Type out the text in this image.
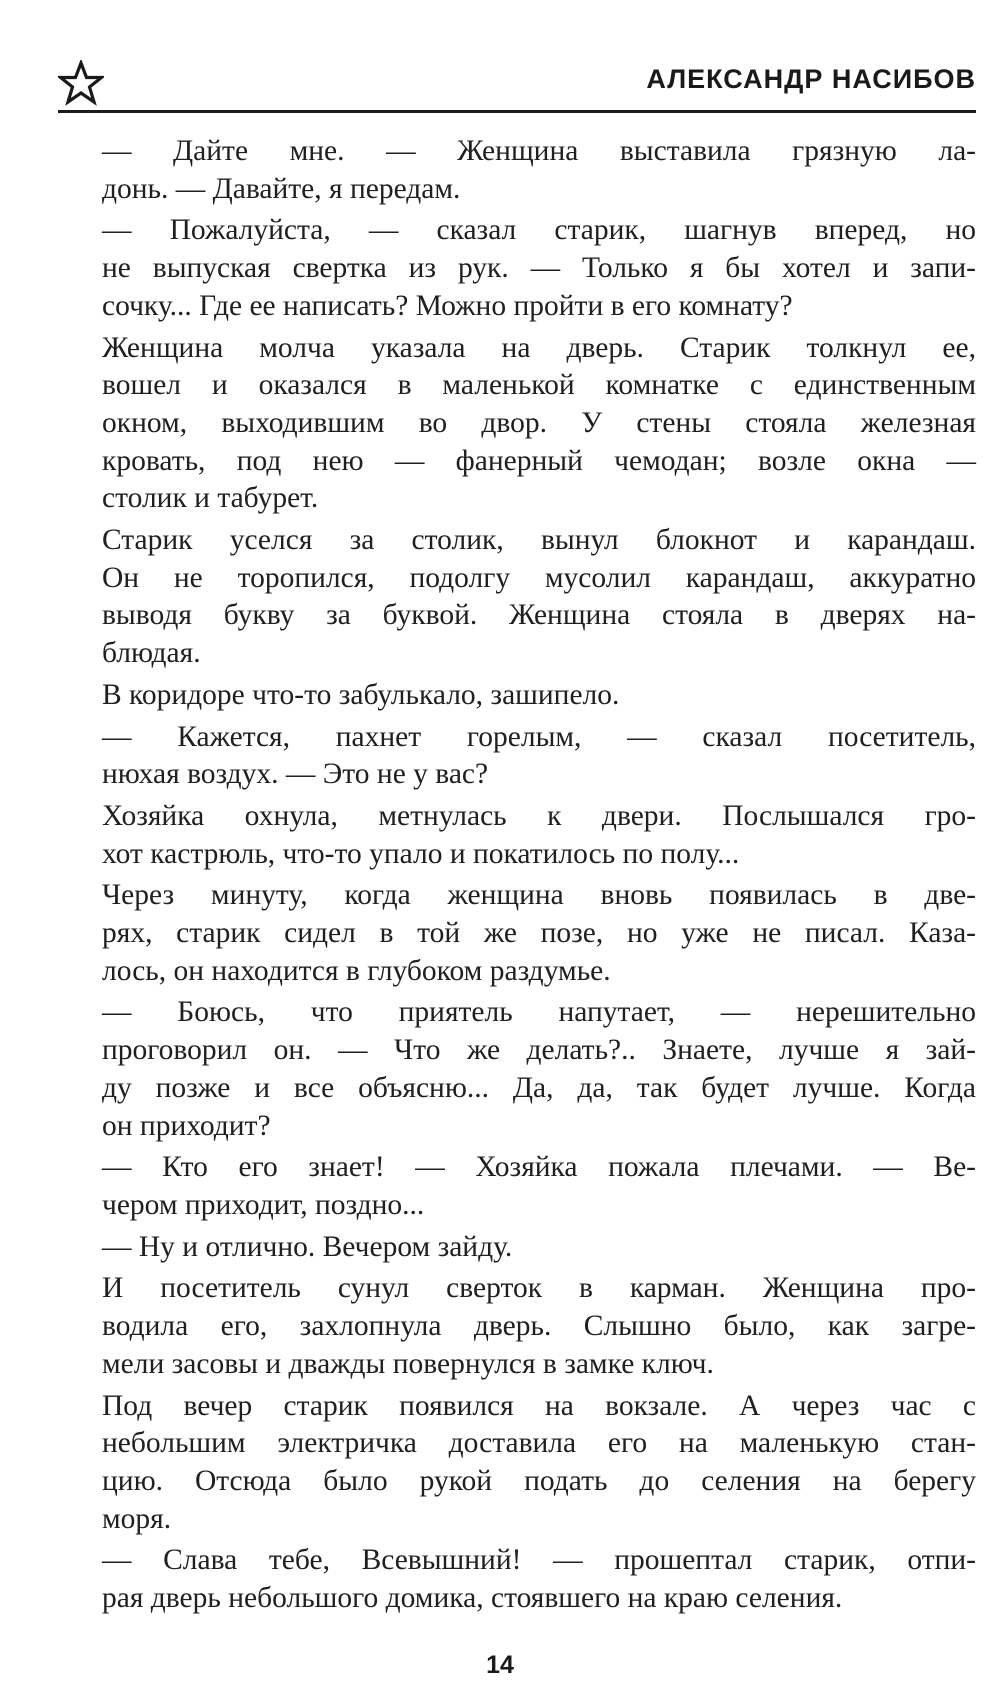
АЛЕКСАНДР НАСИБОВ
— Дайте мне. — Женщина выставила грязную ла-
донь. — Давайте, я передам.
— Пожалуйста, — сказал старик, шагнув вперед, но
не выпуская свертка из рук. — Только я бы хотел и запи-
сочку... Где ее написать? Можно пройти в его комнату?
Женщина молча указала на дверь. Старик толкнул ее,
вошел и оказался в маленькой комнатке с единственным
окном, выходившим во двор. У стены стояла железная
кровать, под нею — фанерный чемодан; возле окна —
столик и табурет.
Старик уселся за столик, вынул блокнот и карандаш.
Он не торопился, подолгу мусолил карандаш, аккуратно
выводя букву за буквой. Женщина стояла в дверях на-
блюдая.
В коридоре что-то забулькало, зашипело.
— Кажется, пахнет горелым, — сказал посетитель,
нюхая воздух. — Это не у вас?
Хозяйка охнула, метнулась к двери. Послышался гро-
хот кастрюль, что-то упало и покатилось по полу...
Через минуту, когда женщина вновь появилась в две-
рях, старик сидел в той же позе, но уже не писал. Каза-
лось, он находится в глубоком раздумье.
— Боюсь, что приятель напутает, — нерешительно
проговорил он. — Что же делать?.. Знаете, лучше я зай-
ду позже и все объясню... Да, да, так будет лучше. Когда
он приходит?
— Кто его знает! — Хозяйка пожала плечами. — Ве-
чером приходит, поздно...
— Ну и отлично. Вечером зайду.
И посетитель сунул сверток в карман. Женщина про-
водила его, захлопнула дверь. Слышно было, как загре-
мели засовы и дважды повернулся в замке ключ.
Под вечер старик появился на вокзале. А через час с
небольшим электричка доставила его на маленькую стан-
цию. Отсюда было рукой подать до селения на берегу
моря.
— Слава тебе, Всевышний! — прошептал старик, отпи-
рая дверь небольшого домика, стоявшего на краю селения.
14
